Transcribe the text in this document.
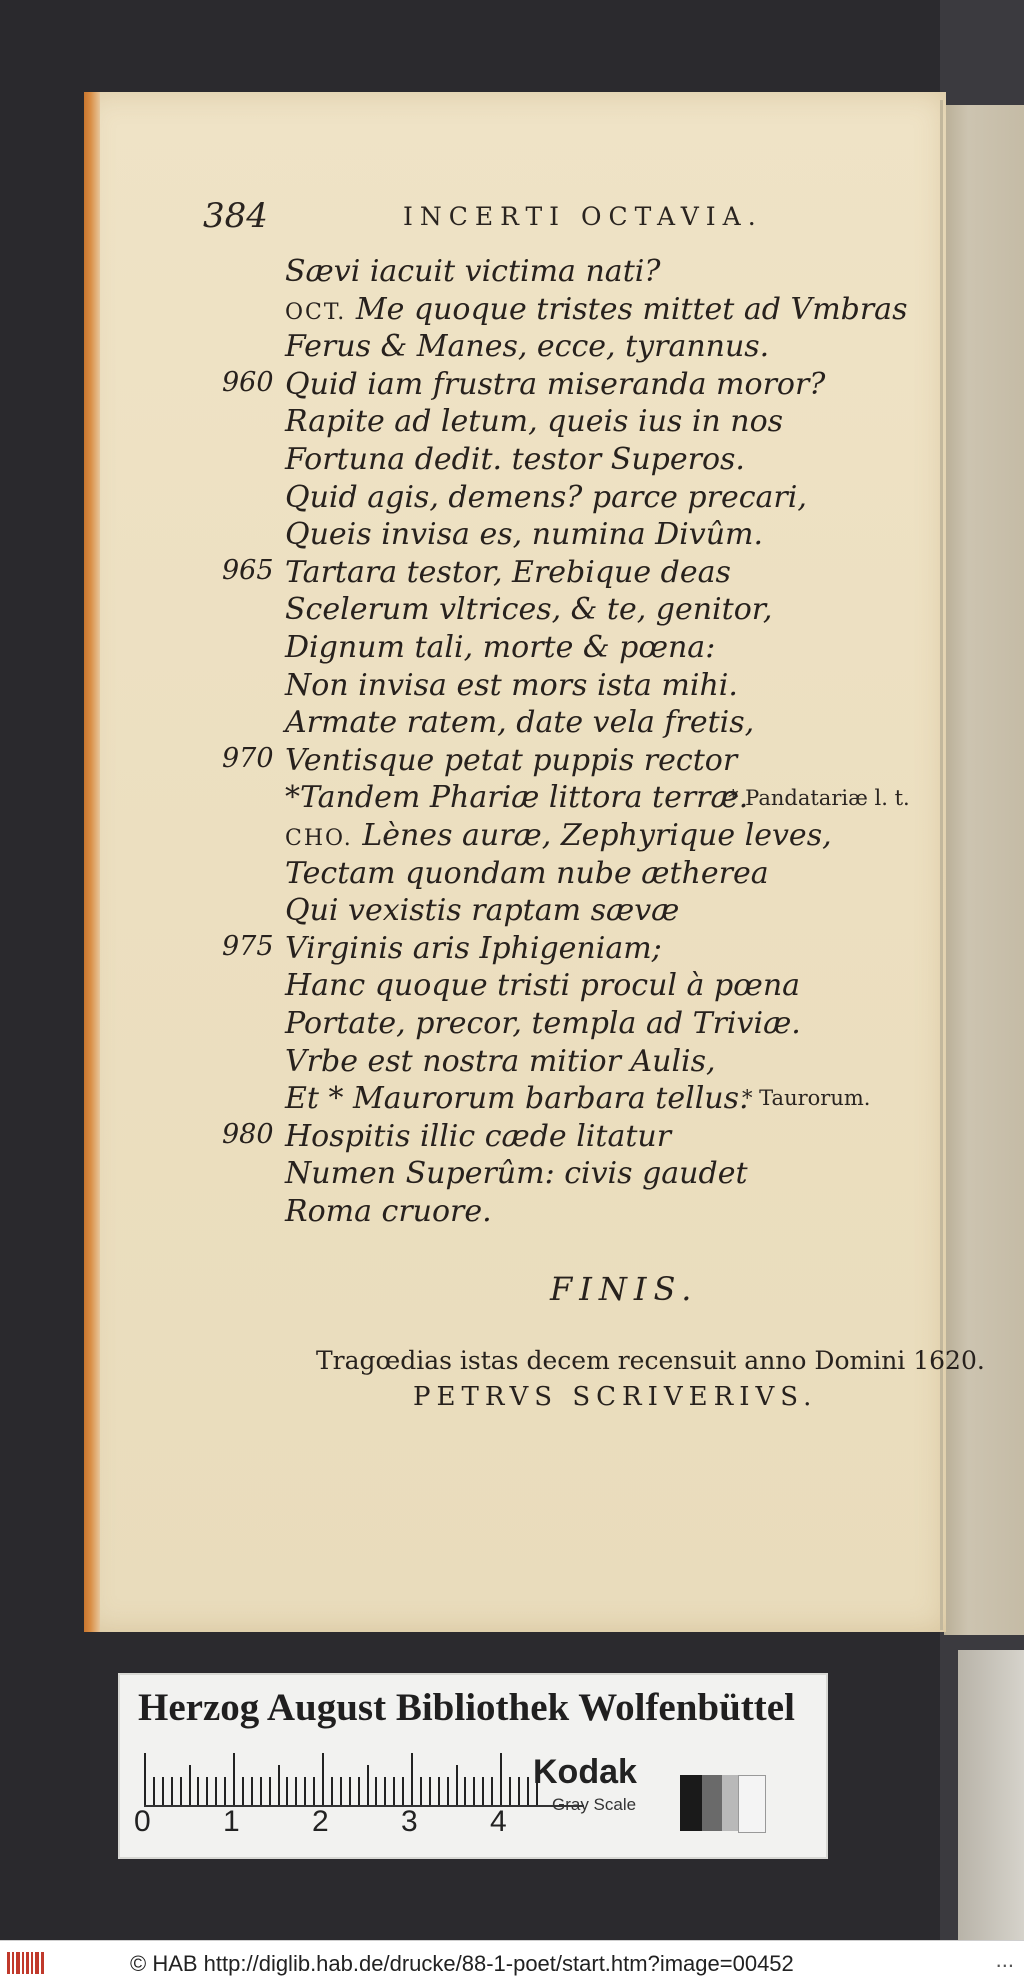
384	INCERTI OCTAVIA.
Sævi iacuit victima nati?
OCT. Me quoque tristes mittet ad Vmbras
Ferus & Manes, ecce, tyrannus.
960 Quid iam frustra miseranda moror?
Rapite ad letum, queis ius in nos
Fortuna dedit. testor Superos.
Quid agis, demens? parce precari,
Queis invisa es, numina Divûm.
965 Tartara testor, Erebique deas
Scelerum vltrices, & te, genitor,
Dignum tali, morte & pœna:
Non invisa est mors ista mihi.
Armate ratem, date vela fretis,
970 Ventisque petat puppis rector
*Tandem Phariæ littora terræ.
CHO. Lènes auræ, Zephyrique leves,
Tectam quondam nube ætherea
Qui vexistis raptam sævæ
975 Virginis aris Iphigeniam;
Hanc quoque tristi procul à pœna
Portate, precor, templa ad Triviæ.
Vrbe est nostra mitior Aulis,
Et * Maurorum barbara tellus.
980 Hospitis illic cæde litatur
Numen Superûm: civis gaudet
Roma cruore.
* Pandatariæ l. t.
* Taurorum.
FINIS.
Tragœdias istas decem recensuit anno Domini 1620.
PETRVS SCRIVERIVS.
Herzog August Bibliothek Wolfenbüttel
0 1 2 3 4
Kodak
Gray Scale
© HAB http://diglib.hab.de/drucke/88-1-poet/start.htm?image=00452	...
